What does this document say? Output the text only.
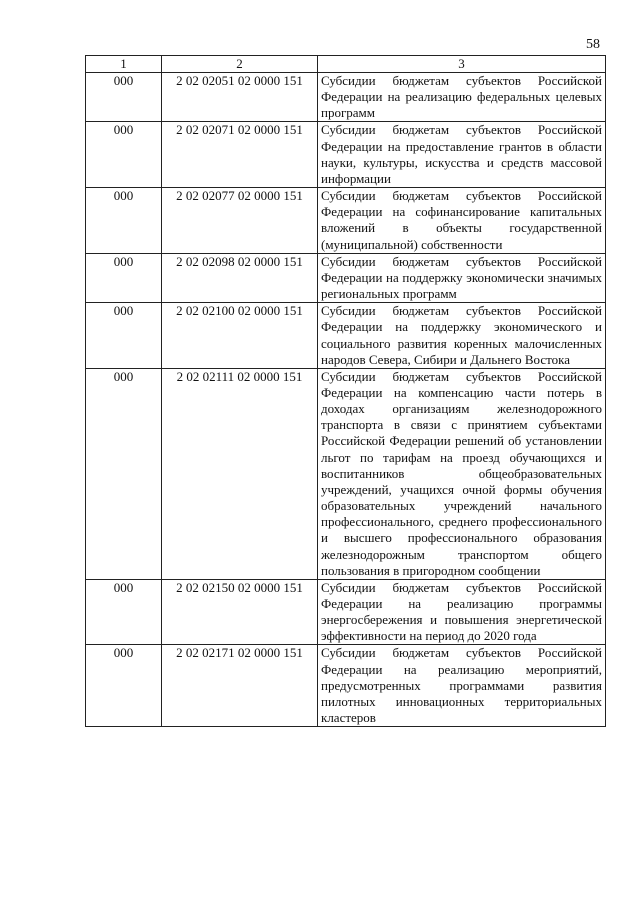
58
1	2	3
000	2 02 02051 02 0000 151	Субсидии бюджетам субъектов Российской Федерации на реализацию федеральных целевых программ
000	2 02 02071 02 0000 151	Субсидии бюджетам субъектов Российской Федерации на предоставление грантов в области науки, культуры, искусства и средств массовой информации
000	2 02 02077 02 0000 151	Субсидии бюджетам субъектов Российской Федерации на софинансирование капитальных вложений в объекты государственной (муниципальной) собственности
000	2 02 02098 02 0000 151	Субсидии бюджетам субъектов Российской Федерации на поддержку экономически значимых региональных программ
000	2 02 02100 02 0000 151	Субсидии бюджетам субъектов Российской Федерации на поддержку экономического и социального развития коренных малочисленных народов Севера, Сибири и Дальнего Востока
000	2 02 02111 02 0000 151	Субсидии бюджетам субъектов Российской Федерации на компенсацию части потерь в доходах организациям железнодорожного транспорта в связи с принятием субъектами Российской Федерации решений об установлении льгот по тарифам на проезд обучающихся и воспитанников общеобразовательных учреждений, учащихся очной формы обучения образовательных учреждений начального профессионального, среднего профессионального и высшего профессионального образования железнодорожным транспортом общего пользования в пригородном сообщении
000	2 02 02150 02 0000 151	Субсидии бюджетам субъектов Российской Федерации на реализацию программы энергосбережения и повышения энергетической эффективности на период до 2020 года
000	2 02 02171 02 0000 151	Субсидии бюджетам субъектов Российской Федерации на реализацию мероприятий, предусмотренных программами развития пилотных инновационных территориальных кластеров
